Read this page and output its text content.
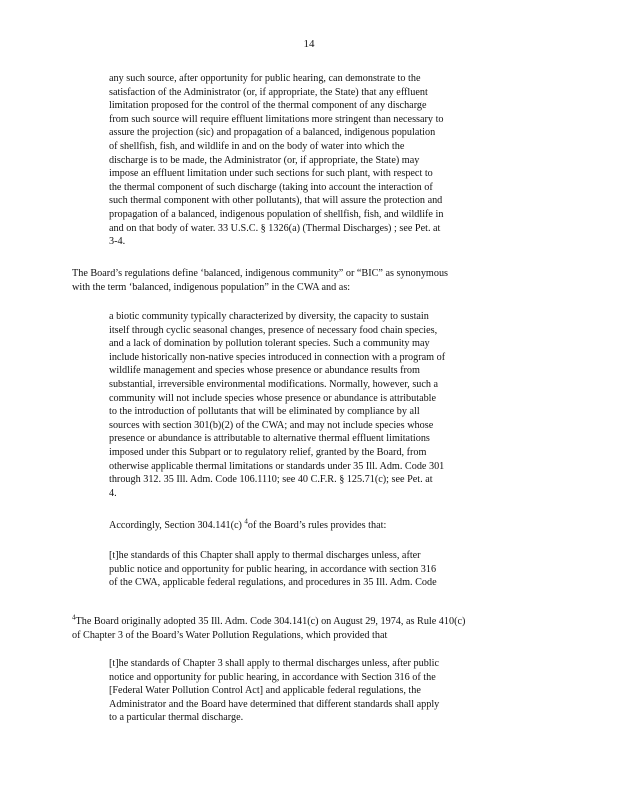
14
any such source, after opportunity for public hearing, can demonstrate to the
satisfaction of the Administrator (or, if appropriate, the State) that any effluent
limitation proposed for the control of the thermal component of any discharge
from such source will require effluent limitations more stringent than necessary to
assure the projection (sic) and propagation of a balanced, indigenous population
of shellfish, fish, and wildlife in and on the body of water into which the
discharge is to be made, the Administrator (or, if appropriate, the State) may
impose an effluent limitation under such sections for such plant, with respect to
the thermal component of such discharge (taking into account the interaction of
such thermal component with other pollutants), that will assure the protection and
propagation of a balanced, indigenous population of shellfish, fish, and wildlife in
and on that body of water. 33 U.S.C. § 1326(a) (Thermal Discharges) ; see Pet. at
3-4.
The Board’s regulations define ‘balanced, indigenous community” or “BIC” as synonymous
with the term ‘balanced, indigenous population” in the CWA and as:
a biotic community typically characterized by diversity, the capacity to sustain
itself through cyclic seasonal changes, presence of necessary food chain species,
and a lack of domination by pollution tolerant species. Such a community may
include historically non-native species introduced in connection with a program of
wildlife management and species whose presence or abundance results from
substantial, irreversible environmental modifications. Normally, however, such a
community will not include species whose presence or abundance is attributable
to the introduction of pollutants that will be eliminated by compliance by all
sources with section 301(b)(2) of the CWA; and may not include species whose
presence or abundance is attributable to alternative thermal effluent limitations
imposed under this Subpart or to regulatory relief, granted by the Board, from
otherwise applicable thermal limitations or standards under 35 Ill. Adm. Code 301
through 312. 35 Ill. Adm. Code 106.1110; see 40 C.F.R. § 125.71(c); see Pet. at
4.
Accordingly, Section 304.141(c) $^4$of the Board’s rules provides that:
[t]he standards of this Chapter shall apply to thermal discharges unless, after
public notice and opportunity for public hearing, in accordance with section 316
of the CWA, applicable federal regulations, and procedures in 35 Ill. Adm. Code
$^4$The Board originally adopted 35 Ill. Adm. Code 304.141(c) on August 29, 1974, as Rule 410(c)
of Chapter 3 of the Board’s Water Pollution Regulations, which provided that
[t]he standards of Chapter 3 shall apply to thermal discharges unless, after public
notice and opportunity for public hearing, in accordance with Section 316 of the
[Federal Water Pollution Control Act] and applicable federal regulations, the
Administrator and the Board have determined that different standards shall apply
to a particular thermal discharge.
